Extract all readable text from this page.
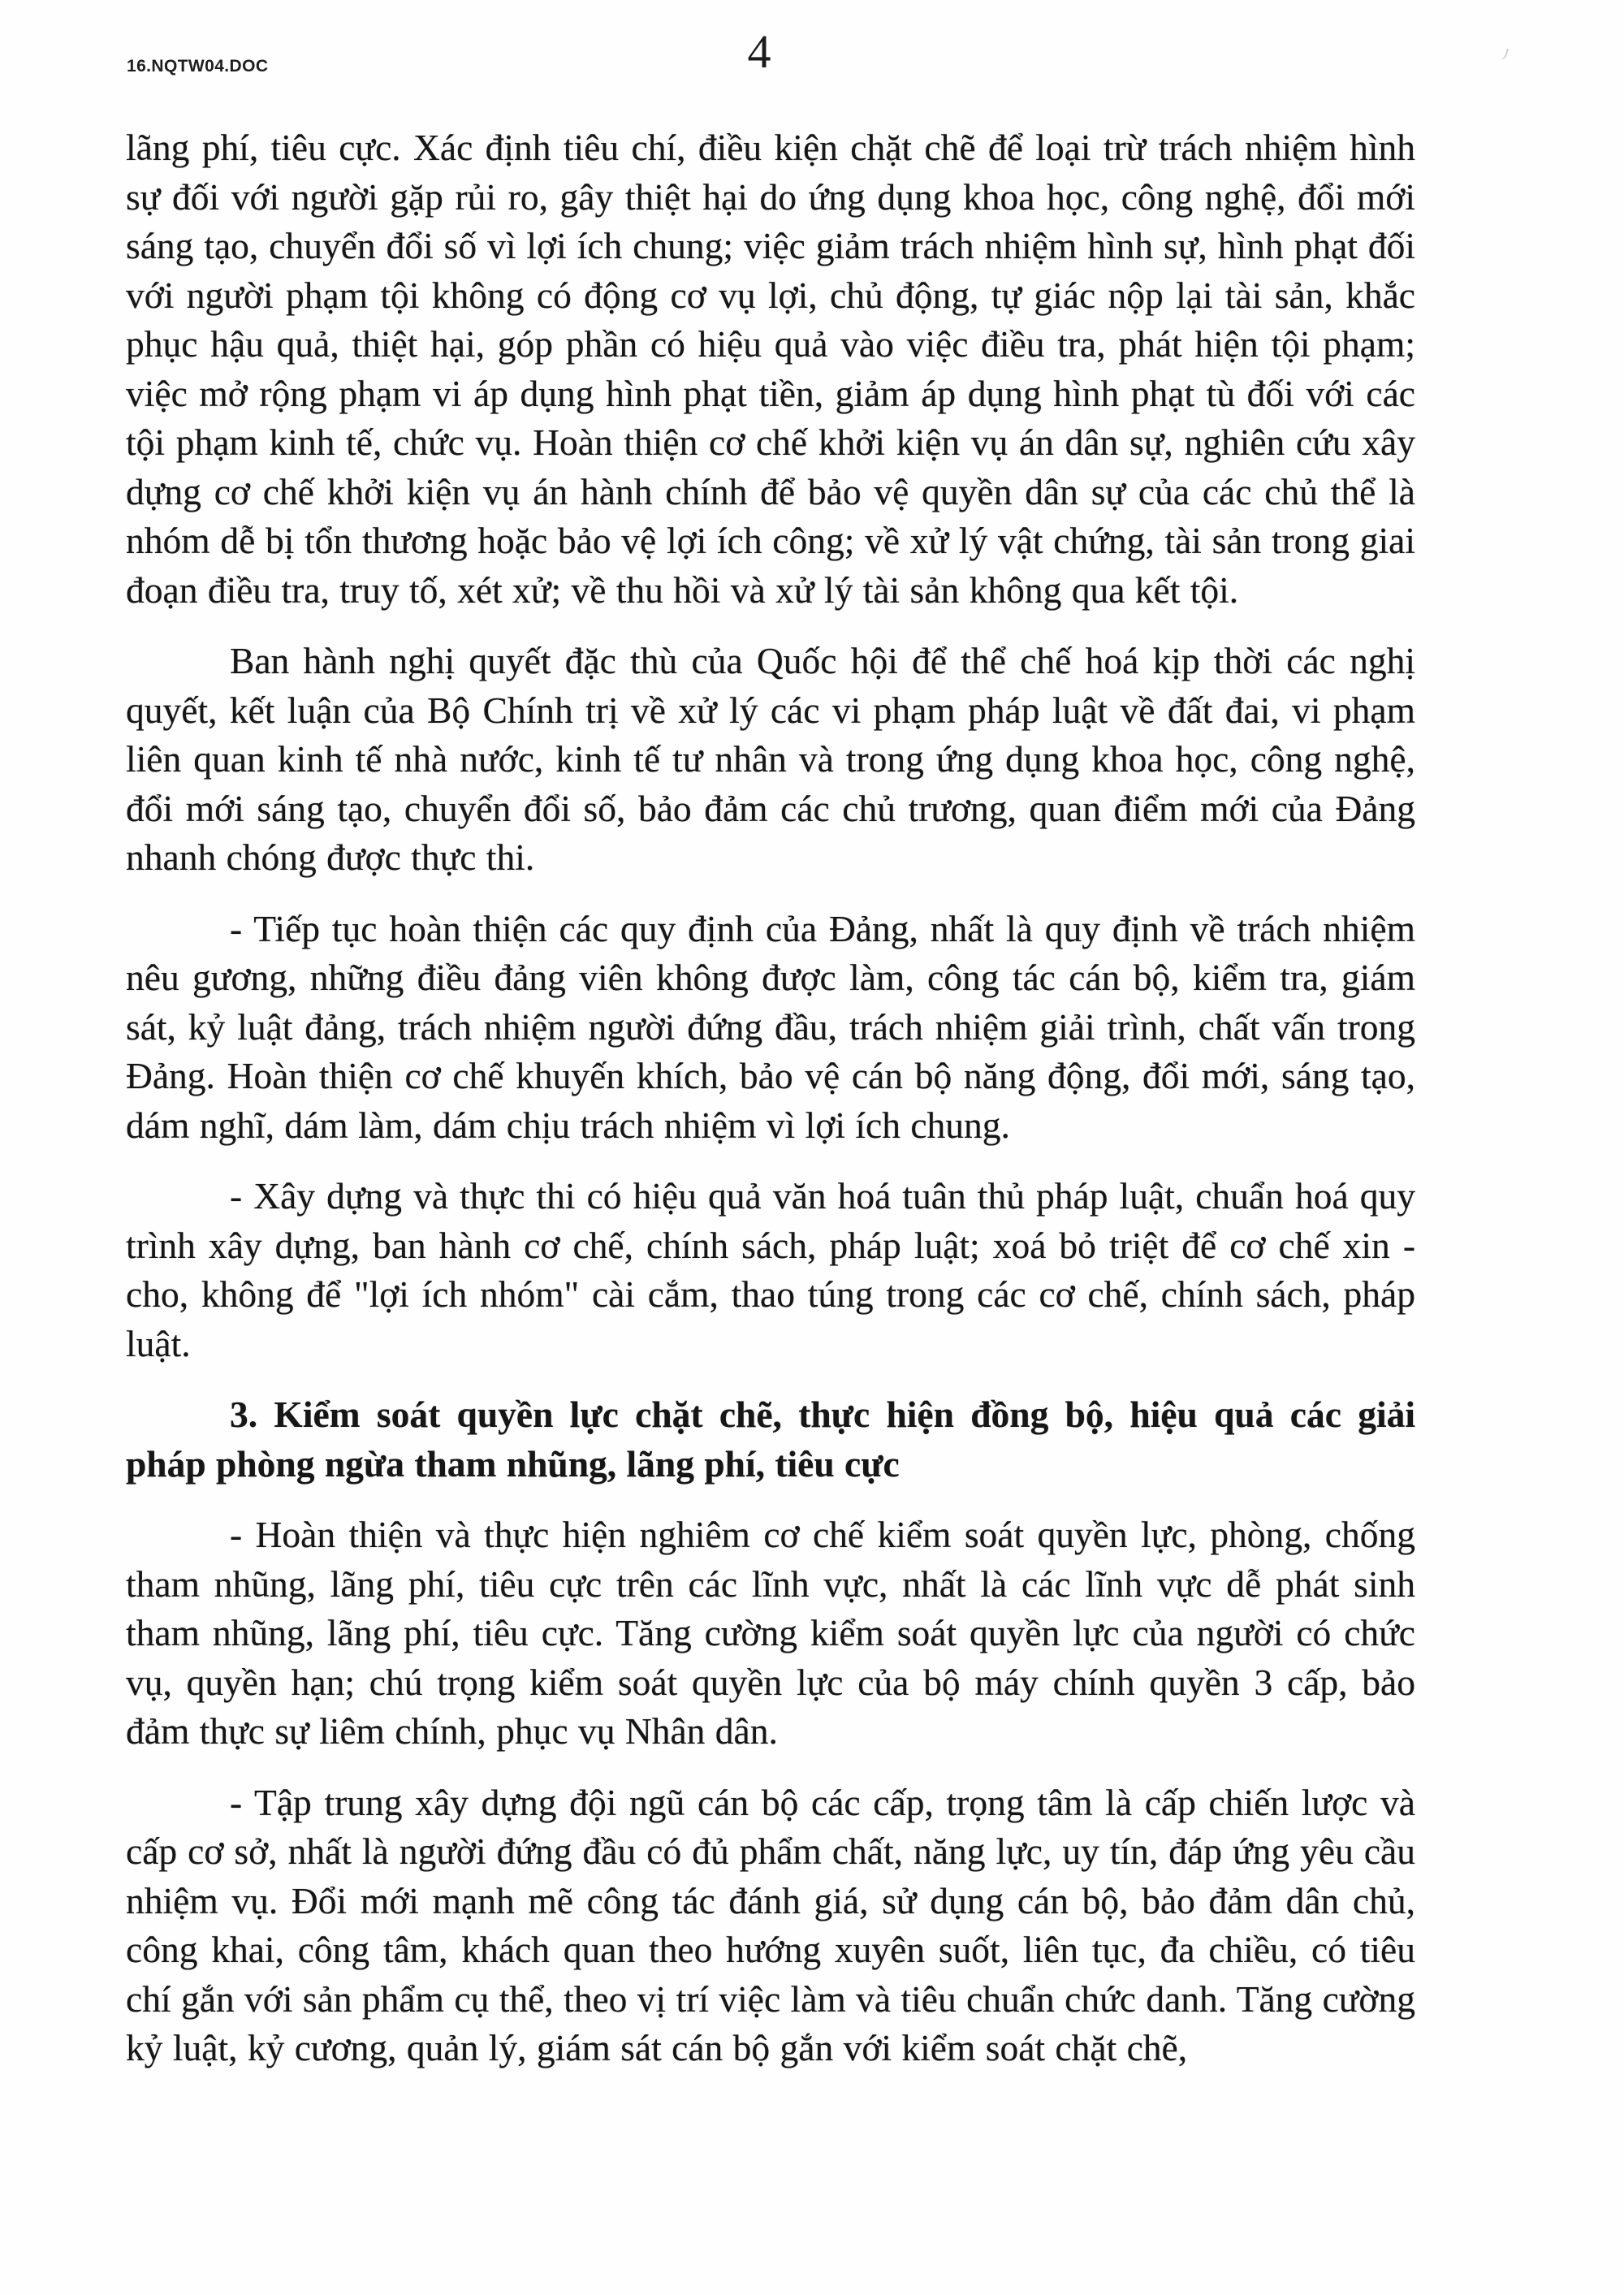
16.NQTW04.DOC	4

lãng phí, tiêu cực. Xác định tiêu chí, điều kiện chặt chẽ để loại trừ trách nhiệm hình sự đối với người gặp rủi ro, gây thiệt hại do ứng dụng khoa học, công nghệ, đổi mới sáng tạo, chuyển đổi số vì lợi ích chung; việc giảm trách nhiệm hình sự, hình phạt đối với người phạm tội không có động cơ vụ lợi, chủ động, tự giác nộp lại tài sản, khắc phục hậu quả, thiệt hại, góp phần có hiệu quả vào việc điều tra, phát hiện tội phạm; việc mở rộng phạm vi áp dụng hình phạt tiền, giảm áp dụng hình phạt tù đối với các tội phạm kinh tế, chức vụ. Hoàn thiện cơ chế khởi kiện vụ án dân sự, nghiên cứu xây dựng cơ chế khởi kiện vụ án hành chính để bảo vệ quyền dân sự của các chủ thể là nhóm dễ bị tổn thương hoặc bảo vệ lợi ích công; về xử lý vật chứng, tài sản trong giai đoạn điều tra, truy tố, xét xử; về thu hồi và xử lý tài sản không qua kết tội.

Ban hành nghị quyết đặc thù của Quốc hội để thể chế hoá kịp thời các nghị quyết, kết luận của Bộ Chính trị về xử lý các vi phạm pháp luật về đất đai, vi phạm liên quan kinh tế nhà nước, kinh tế tư nhân và trong ứng dụng khoa học, công nghệ, đổi mới sáng tạo, chuyển đổi số, bảo đảm các chủ trương, quan điểm mới của Đảng nhanh chóng được thực thi.

- Tiếp tục hoàn thiện các quy định của Đảng, nhất là quy định về trách nhiệm nêu gương, những điều đảng viên không được làm, công tác cán bộ, kiểm tra, giám sát, kỷ luật đảng, trách nhiệm người đứng đầu, trách nhiệm giải trình, chất vấn trong Đảng. Hoàn thiện cơ chế khuyến khích, bảo vệ cán bộ năng động, đổi mới, sáng tạo, dám nghĩ, dám làm, dám chịu trách nhiệm vì lợi ích chung.

- Xây dựng và thực thi có hiệu quả văn hoá tuân thủ pháp luật, chuẩn hoá quy trình xây dựng, ban hành cơ chế, chính sách, pháp luật; xoá bỏ triệt để cơ chế xin - cho, không để "lợi ích nhóm" cài cắm, thao túng trong các cơ chế, chính sách, pháp luật.

3. Kiểm soát quyền lực chặt chẽ, thực hiện đồng bộ, hiệu quả các giải pháp phòng ngừa tham nhũng, lãng phí, tiêu cực

- Hoàn thiện và thực hiện nghiêm cơ chế kiểm soát quyền lực, phòng, chống tham nhũng, lãng phí, tiêu cực trên các lĩnh vực, nhất là các lĩnh vực dễ phát sinh tham nhũng, lãng phí, tiêu cực. Tăng cường kiểm soát quyền lực của người có chức vụ, quyền hạn; chú trọng kiểm soát quyền lực của bộ máy chính quyền 3 cấp, bảo đảm thực sự liêm chính, phục vụ Nhân dân.

- Tập trung xây dựng đội ngũ cán bộ các cấp, trọng tâm là cấp chiến lược và cấp cơ sở, nhất là người đứng đầu có đủ phẩm chất, năng lực, uy tín, đáp ứng yêu cầu nhiệm vụ. Đổi mới mạnh mẽ công tác đánh giá, sử dụng cán bộ, bảo đảm dân chủ, công khai, công tâm, khách quan theo hướng xuyên suốt, liên tục, đa chiều, có tiêu chí gắn với sản phẩm cụ thể, theo vị trí việc làm và tiêu chuẩn chức danh. Tăng cường kỷ luật, kỷ cương, quản lý, giám sát cán bộ gắn với kiểm soát chặt chẽ,
